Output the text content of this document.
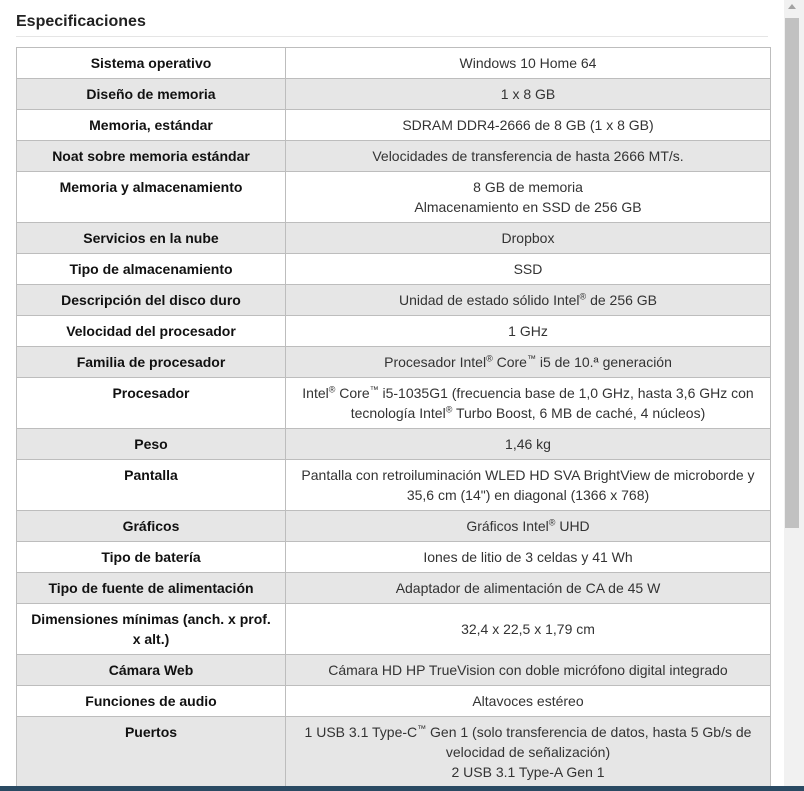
Especificaciones
Sistema operativo	Windows 10 Home 64

Diseño de memoria	1 x 8 GB

Memoria, estándar	SDRAM DDR4-2666 de 8 GB (1 x 8 GB)

Noat sobre memoria estándar	Velocidades de transferencia de hasta 2666 MT/s.

Memoria y almacenamiento	8 GB de memoria
Almacenamiento en SSD de 256 GB

Servicios en la nube	Dropbox

Tipo de almacenamiento	SSD

Descripción del disco duro	Unidad de estado sólido Intel® de 256 GB

Velocidad del procesador	1 GHz

Familia de procesador	Procesador Intel® Core™ i5 de 10.ª generación

Procesador	Intel® Core™ i5-1035G1 (frecuencia base de 1,0 GHz, hasta 3,6 GHz con
tecnología Intel® Turbo Boost, 6 MB de caché, 4 núcleos)

Peso	1,46 kg

Pantalla	Pantalla con retroiluminación WLED HD SVA BrightView de microborde y
35,6 cm (14") en diagonal (1366 x 768)

Gráficos	Gráficos Intel® UHD

Tipo de batería	Iones de litio de 3 celdas y 41 Wh

Tipo de fuente de alimentación	Adaptador de alimentación de CA de 45 W

Dimensiones mínimas (anch. x prof. x alt.)	32,4 x 22,5 x 1,79 cm

Cámara Web	Cámara HD HP TrueVision con doble micrófono digital integrado

Funciones de audio	Altavoces estéreo

Puertos	1 USB 3.1 Type-C™ Gen 1 (solo transferencia de datos, hasta 5 Gb/s de
velocidad de señalización)
2 USB 3.1 Type-A Gen 1
